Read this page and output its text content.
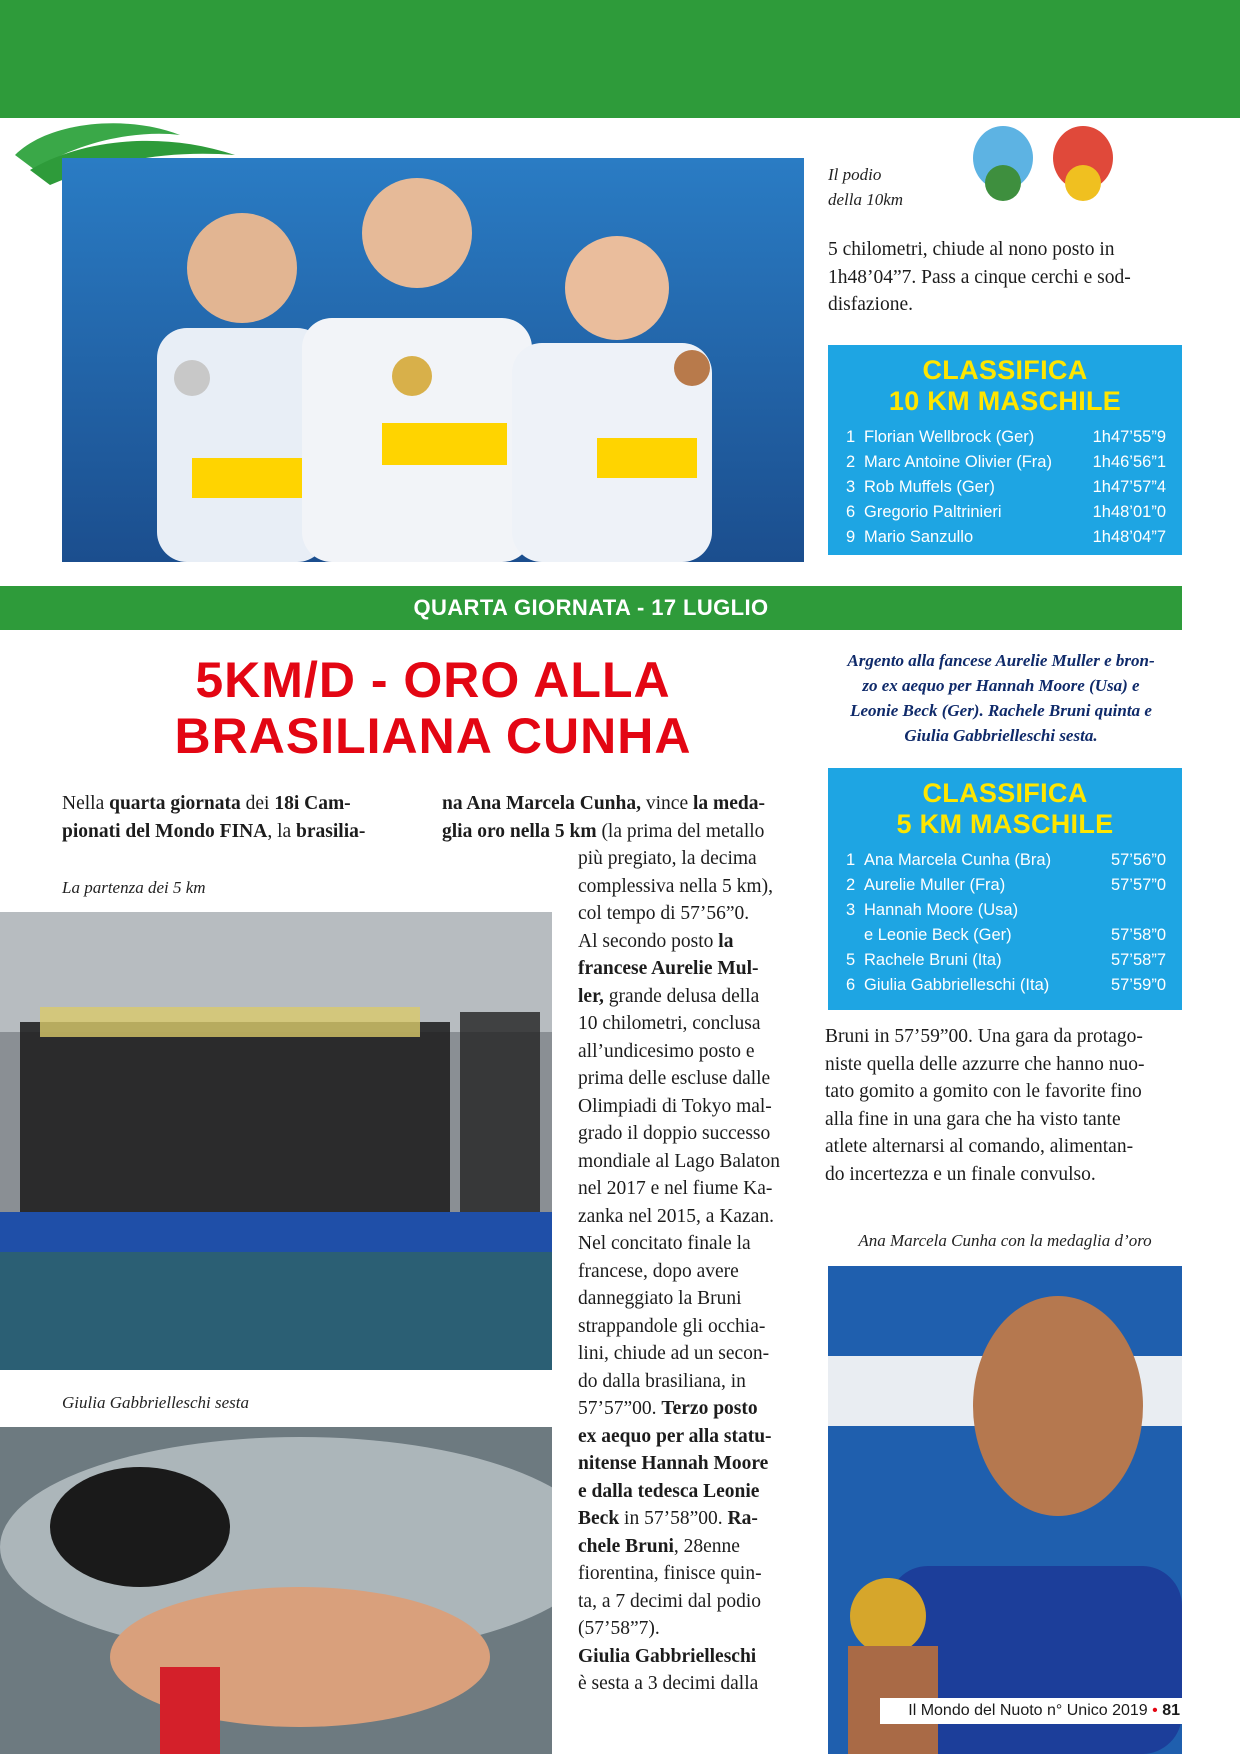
Il podio
della 10km
5 chilometri, chiude al nono posto in
1h48’04”7. Pass a cinque cerchi e sod-
disfazione.
CLASSIFICA
10 KM MASCHILE
1 Florian Wellbrock (Ger)	1h47’55”9
2 Marc Antoine Olivier (Fra) 1h46’56”1
3 Rob Muffels (Ger)	1h47’57”4
6 Gregorio Paltrinieri	1h48’01”0
9 Mario Sanzullo	1h48’04”7
QUARTA GIORNATA - 17 LUGLIO
5KM/D - ORO ALLA
BRASILIANA CUNHA
Argento alla fancese Aurelie Muller e bron-
zo ex aequo per Hannah Moore (Usa) e
Leonie Beck (Ger). Rachele Bruni quinta e
Giulia Gabbrielleschi sesta.
CLASSIFICA
5 KM MASCHILE
1 Ana Marcela Cunha (Bra)	57’56”0
2 Aurelie Muller (Fra)	57’57”0
3 Hannah Moore (Usa)
e Leonie Beck (Ger)	57’58”0
5 Rachele Bruni (Ita)	57’58”7
6 Giulia Gabbrielleschi (Ita)	57’59”0
Nella quarta giornata dei 18i Cam-
pionati del Mondo FINA, la brasilia-
na Ana Marcela Cunha, vince la meda-
glia oro nella 5 km (la prima del metallo
La partenza dei 5 km
più pregiato, la decima
complessiva nella 5 km),
col tempo di 57’56”0.
Al secondo posto la
francese Aurelie Mul-
ler, grande delusa della
10 chilometri, conclusa
all’undicesimo posto e
prima delle escluse dalle
Olimpiadi di Tokyo mal-
grado il doppio successo
mondiale al Lago Balaton
nel 2017 e nel fiume Ka-
zanka nel 2015, a Kazan.
Nel concitato finale la
francese, dopo avere
danneggiato la Bruni
strappandole gli occhia-
lini, chiude ad un secon-
do dalla brasiliana, in
57’57”00. Terzo posto
ex aequo per alla statu-
nitense Hannah Moore
e dalla tedesca Leonie
Beck in 57’58”00. Ra-
chele Bruni, 28enne
fiorentina, finisce quin-
ta, a 7 decimi dal podio
(57’58”7).
Giulia Gabbrielleschi
è sesta a 3 decimi dalla
Giulia Gabbrielleschi sesta
Bruni in 57’59”00. Una gara da protago-
niste quella delle azzurre che hanno nuo-
tato gomito a gomito con le favorite fino
alla fine in una gara che ha visto tante
atlete alternarsi al comando, alimentan-
do incertezza e un finale convulso.
Ana Marcela Cunha con la medaglia d’oro
Il Mondo del Nuoto n° Unico 2019 • 81
